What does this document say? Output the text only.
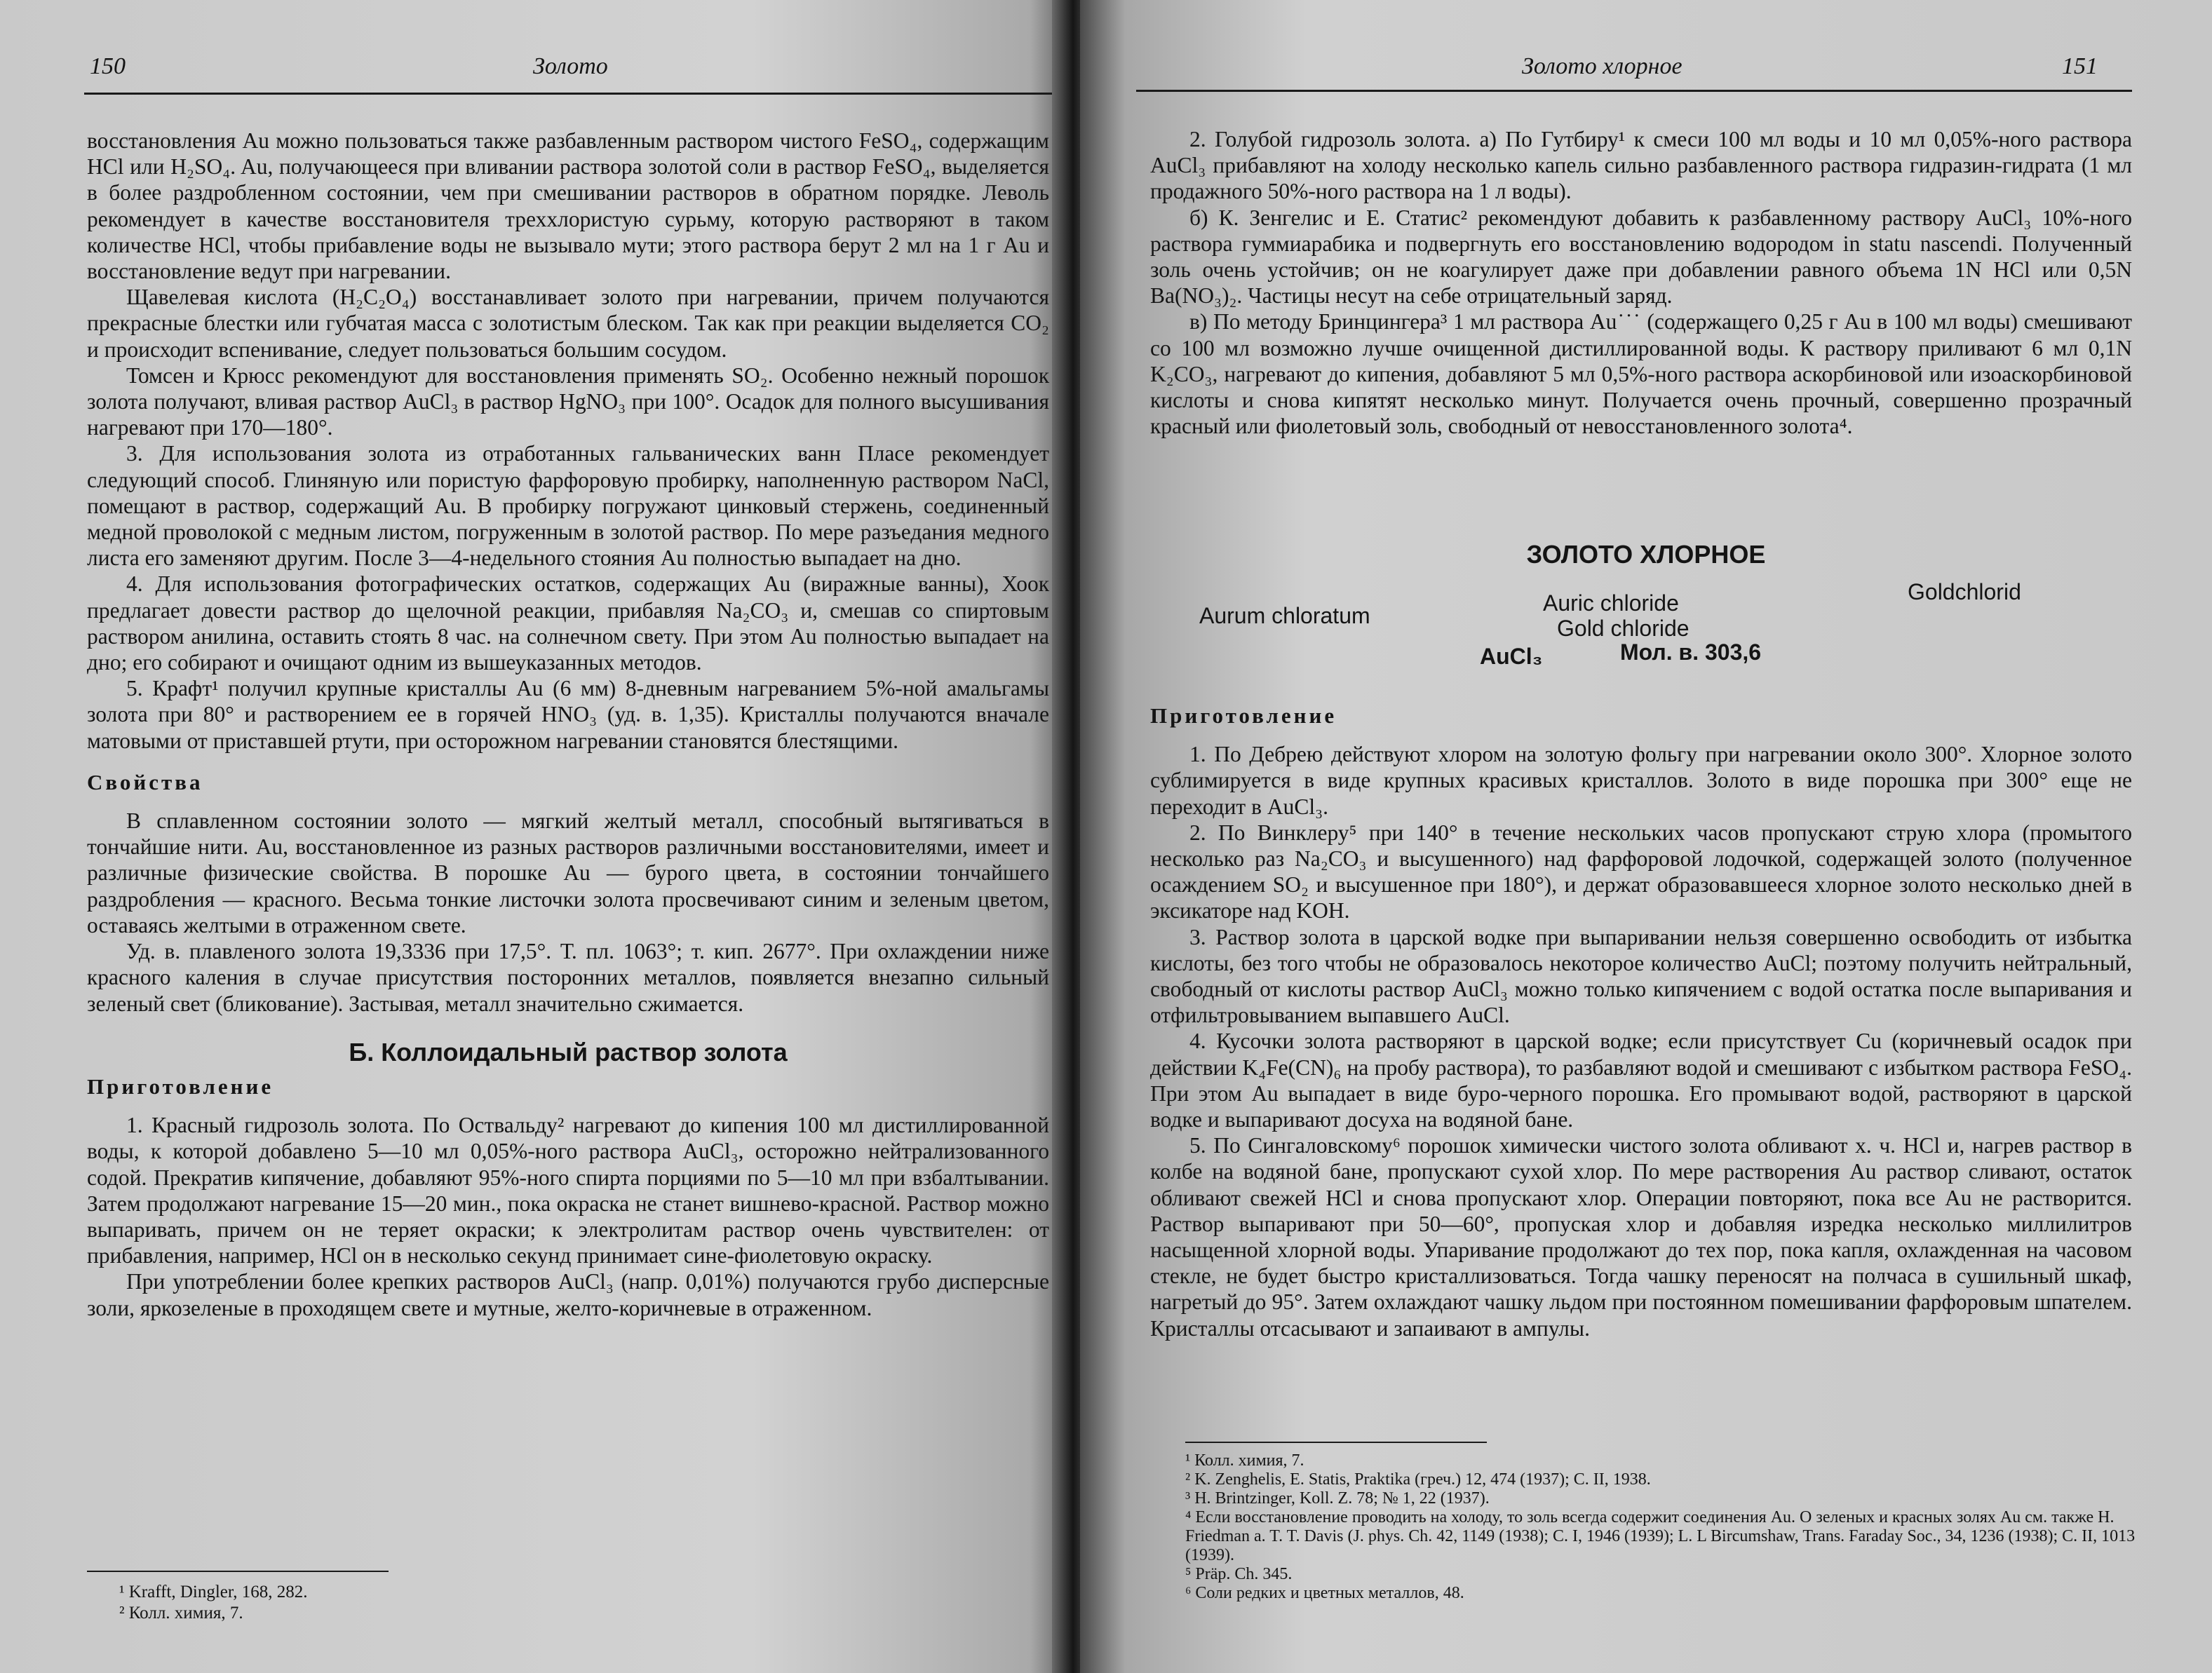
150	Золото

восстановления Au можно пользоваться также разбавленным раствором чистого FeSO₄, содержащим HCl или H₂SO₄. Au, получающееся при вливании раствора золотой соли в раствор FeSO₄, выделяется в более раздробленном состоянии, чем при смешивании растворов в обратном порядке. Леволь рекомендует в качестве восстановителя треххлористую сурьму, которую растворяют в таком количестве HCl, чтобы прибавление воды не вызывало мути; этого раствора берут 2 мл на 1 г Au и восстановление ведут при нагревании.

Щавелевая кислота (H₂C₂O₄) восстанавливает золото при нагревании, причем получаются прекрасные блестки или губчатая масса с золотистым блеском. Так как при реакции выделяется CO₂ и происходит вспенивание, следует пользоваться большим сосудом.

Томсен и Крюсс рекомендуют для восстановления применять SO₂. Особенно нежный порошок золота получают, вливая раствор AuCl₃ в раствор HgNO₃ при 100°. Осадок для полного высушивания нагревают при 170—180°.

3. Для использования золота из отработанных гальванических ванн Пласе рекомендует следующий способ. Глиняную или пористую фарфоровую пробирку, наполненную раствором NaCl, помещают в раствор, содержащий Au. В пробирку погружают цинковый стержень, соединенный медной проволокой с медным листом, погруженным в золотой раствор. По мере разъедания медного листа его заменяют другим. После 3—4-недельного стояния Au полностью выпадает на дно.

4. Для использования фотографических остатков, содержащих Au (виражные ванны), Хоок предлагает довести раствор до щелочной реакции, прибавляя Na₂CO₃ и, смешав со спиртовым раствором анилина, оставить стоять 8 час. на солнечном свету. При этом Au полностью выпадает на дно; его собирают и очищают одним из вышеуказанных методов.

5. Крафт¹ получил крупные кристаллы Au (6 мм) 8-дневным нагреванием 5%-ной амальгамы золота при 80° и растворением ее в горячей HNO₃ (уд. в. 1,35). Кристаллы получаются вначале матовыми от приставшей ртути, при осторожном нагревании становятся блестящими.

Свойства

В сплавленном состоянии золото — мягкий желтый металл, способный вытягиваться в тончайшие нити. Au, восстановленное из разных растворов различными восстановителями, имеет и различные физические свойства. В порошке Au — бурого цвета, в состоянии тончайшего раздробления — красного. Весьма тонкие листочки золота просвечивают синим и зеленым цветом, оставаясь желтыми в отраженном свете.

Уд. в. плавленого золота 19,3336 при 17,5°. Т. пл. 1063°; т. кип. 2677°. При охлаждении ниже красного каления в случае присутствия посторонних металлов, появляется внезапно сильный зеленый свет (бликование). Застывая, металл значительно сжимается.

Б. Коллоидальный раствор золота

Приготовление

1. Красный гидрозоль золота. По Оствальду² нагревают до кипения 100 мл дистиллированной воды, к которой добавлено 5—10 мл 0,05%-ного раствора AuCl₃, осторожно нейтрализованного содой. Прекратив кипячение, добавляют 95%-ного спирта порциями по 5—10 мл при взбалтывании. Затем продолжают нагревание 15—20 мин., пока окраска не станет вишнево-красной. Раствор можно выпаривать, причем он не теряет окраски; к электролитам раствор очень чувствителен: от прибавления, например, HCl он в несколько секунд принимает сине-фиолетовую окраску.

При употреблении более крепких растворов AuCl₃ (напр. 0,01%) получаются грубо дисперсные золи, яркозеленые в проходящем свете и мутные, желто-коричневые в отраженном.

¹ Krafft, Dingler, 168, 282.
² Колл. химия, 7.
Золото хлорное	151

2. Голубой гидрозоль золота. а) По Гутбиру¹ к смеси 100 мл воды и 10 мл 0,05%-ного раствора AuCl₃ прибавляют на холоду несколько капель сильно разбавленного раствора гидразин-гидрата (1 мл продажного 50%-ного раствора на 1 л воды).

б) К. Зенгелис и Е. Статис² рекомендуют добавить к разбавленному раствору AuCl₃ 10%-ного раствора гуммиарабика и подвергнуть его восстановлению водородом in statu nascendi. Полученный золь очень устойчив; он не коагулирует даже при добавлении равного объема 1N HCl или 0,5N Ba(NO₃)₂. Частицы несут на себе отрицательный заряд.

в) По методу Бринцингера³ 1 мл раствора Au˙˙˙ (содержащего 0,25 г Au в 100 мл воды) смешивают со 100 мл возможно лучше очищенной дистиллированной воды. К раствору приливают 6 мл 0,1N K₂CO₃, нагревают до кипения, добавляют 5 мл 0,5%-ного раствора аскорбиновой или изоаскорбиновой кислоты и снова кипятят несколько минут. Получается очень прочный, совершенно прозрачный красный или фиолетовый золь, свободный от невосстановленного золота⁴.

ЗОЛОТО ХЛОРНОЕ
Aurum chloratum	Auric chloride
Gold chloride
Goldchlorid
AuCl₃	Мол. в. 303,6

Приготовление

1. По Дебрею действуют хлором на золотую фольгу при нагревании около 300°. Хлорное золото сублимируется в виде крупных красивых кристаллов. Золото в виде порошка при 300° еще не переходит в AuCl₃.

2. По Винклеру⁵ при 140° в течение нескольких часов пропускают струю хлора (промытого несколько раз Na₂CO₃ и высушенного) над фарфоровой лодочкой, содержащей золото (полученное осаждением SO₂ и высушенное при 180°), и держат образовавшееся хлорное золото несколько дней в эксикаторе над KOH.

3. Раствор золота в царской водке при выпаривании нельзя совершенно освободить от избытка кислоты, без того чтобы не образовалось некоторое количество AuCl; поэтому получить нейтральный, свободный от кислоты раствор AuCl₃ можно только кипячением с водой остатка после выпаривания и отфильтровыванием выпавшего AuCl.

4. Кусочки золота растворяют в царской водке; если присутствует Cu (коричневый осадок при действии K₄Fe(CN)₆ на пробу раствора), то разбавляют водой и смешивают с избытком раствора FeSO₄. При этом Au выпадает в виде буро-черного порошка. Его промывают водой, растворяют в царской водке и выпаривают досуха на водяной бане.

5. По Сингаловскому⁶ порошок химически чистого золота обливают х. ч. HCl и, нагрев раствор в колбе на водяной бане, пропускают сухой хлор. По мере растворения Au раствор сливают, остаток обливают свежей HCl и снова пропускают хлор. Операции повторяют, пока все Au не растворится. Раствор выпаривают при 50—60°, пропуская хлор и добавляя изредка несколько миллилитров насыщенной хлорной воды. Упаривание продолжают до тех пор, пока капля, охлажденная на часовом стекле, не будет быстро кристаллизоваться. Тогда чашку переносят на полчаса в сушильный шкаф, нагретый до 95°. Затем охлаждают чашку льдом при постоянном помешивании фарфоровым шпателем. Кристаллы отсасывают и запаивают в ампулы.

¹ Колл. химия, 7.
² K. Zenghelis, E. Statis, Praktika (греч.) 12, 474 (1937); C. II, 1938.
³ H. Brintzinger, Koll. Z. 78; № 1, 22 (1937).
⁴ Если восстановление проводить на холоду, то золь всегда содержит соединения Au. О зеленых и красных золях Au см. также H. Friedman a. T. T. Davis (J. phys. Ch. 42, 1149 (1938); C. I, 1946 (1939); L. L Bircumshaw, Trans. Faraday Soc., 34, 1236 (1938); C. II, 1013 (1939).
⁵ Präp. Ch. 345.
⁶ Соли редких и цветных металлов, 48.
